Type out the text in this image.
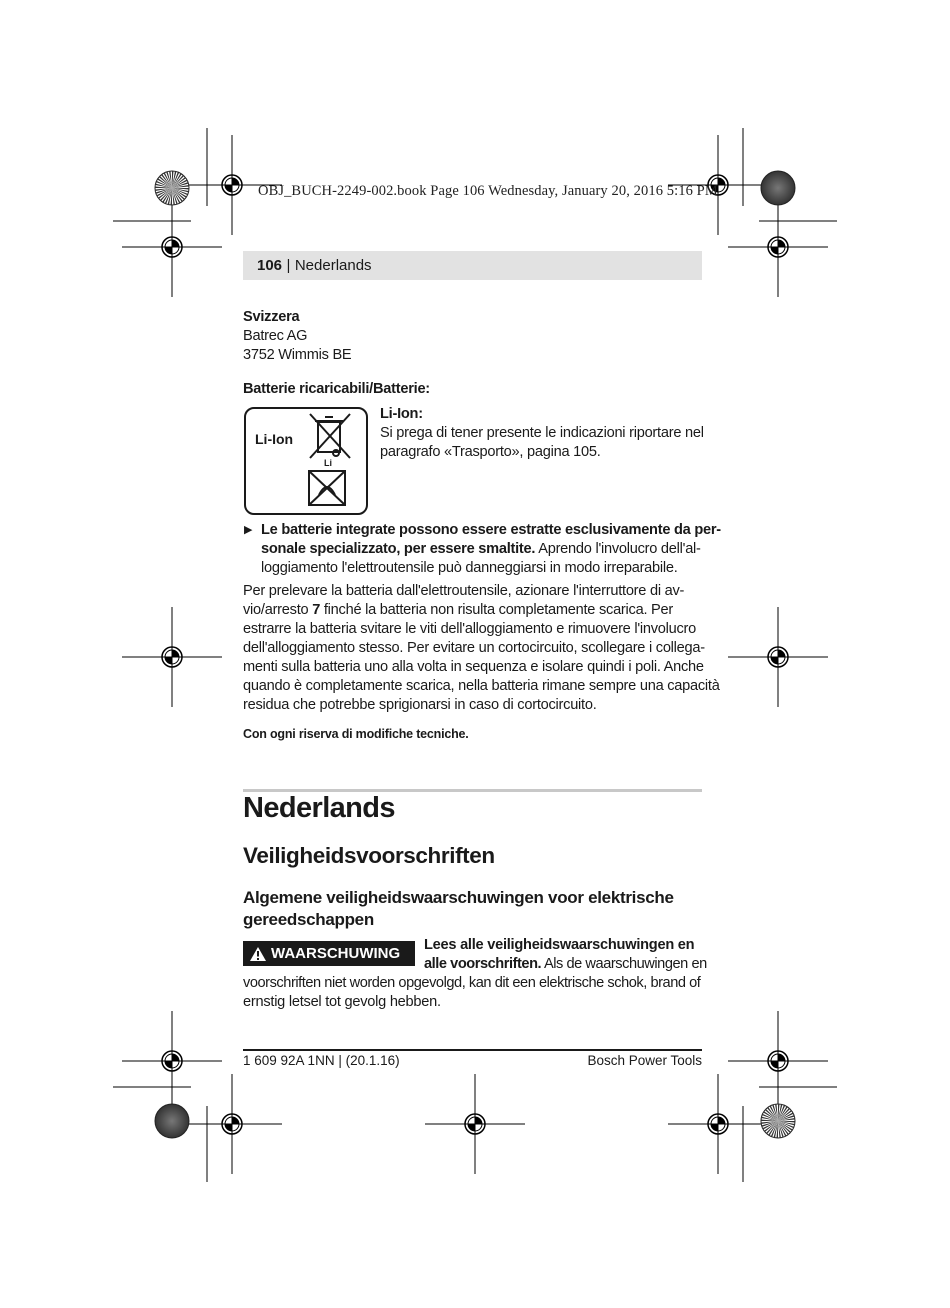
OBJ_BUCH-2249-002.book Page 106 Wednesday, January 20, 2016 5:16 PM
106 | Nederlands
Svizzera
Batrec AG
3752 Wimmis BE
Batterie ricaricabili/Batterie:
Li-Ion
Li
Li-Ion:
Si prega di tener presente le indicazioni riportare nel
paragrafo «Trasporto», pagina 105.
▶ Le batterie integrate possono essere estratte esclusivamente da per-
sonale specializzato, per essere smaltite. Aprendo l'involucro dell'al-
loggiamento l'elettroutensile può danneggiarsi in modo irreparabile.
Per prelevare la batteria dall'elettroutensile, azionare l'interruttore di av-
vio/arresto 7 finché la batteria non risulta completamente scarica. Per
estrarre la batteria svitare le viti dell'alloggiamento e rimuovere l'involucro
dell'alloggiamento stesso. Per evitare un cortocircuito, scollegare i collega-
menti sulla batteria uno alla volta in sequenza e isolare quindi i poli. Anche
quando è completamente scarica, nella batteria rimane sempre una capacità
residua che potrebbe sprigionarsi in caso di cortocircuito.
Con ogni riserva di modifiche tecniche.
Nederlands
Veiligheidsvoorschriften
Algemene veiligheidswaarschuwingen voor elektrische
gereedschappen
WAARSCHUWING Lees alle veiligheidswaarschuwingen en
alle voorschriften. Als de waarschuwingen en
voorschriften niet worden opgevolgd, kan dit een elektrische schok, brand of
ernstig letsel tot gevolg hebben.
1 609 92A 1NN | (20.1.16)	Bosch Power Tools
